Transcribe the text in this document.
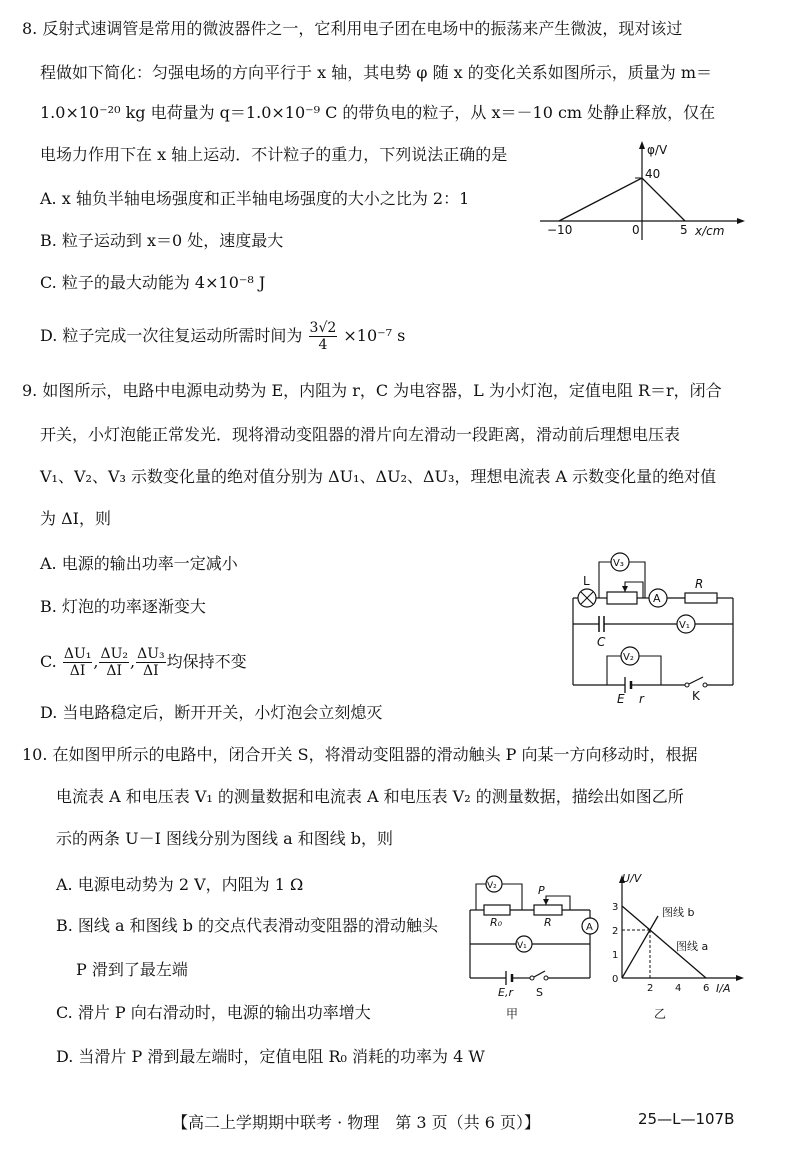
8. 反射式速调管是常用的微波器件之一，它利用电子团在电场中的振荡来产生微波，现对该过
程做如下简化：匀强电场的方向平行于 x 轴，其电势 φ 随 x 的变化关系如图所示，质量为 m＝
1.0×10⁻²⁰ kg 电荷量为 q＝1.0×10⁻⁹ C 的带负电的粒子，从 x＝－10 cm 处静止释放，仅在
电场力作用下在 x 轴上运动．不计粒子的重力，下列说法正确的是
A. x 轴负半轴电场强度和正半轴电场强度的大小之比为 2：1
B. 粒子运动到 x＝0 处，速度最大
C. 粒子的最大动能为 4×10⁻⁸ J
D. 粒子完成一次往复运动所需时间为 $\frac{3√2}{4} \times 10^{-7}$ s
φ/V
40
−10	0	5 x/cm
9. 如图所示，电路中电源电动势为 E，内阻为 r，C 为电容器，L 为小灯泡，定值电阻 R＝r，闭合
开关，小灯泡能正常发光．现将滑动变阻器的滑片向左滑动一段距离，滑动前后理想电压表
V₁、V₂、V₃ 示数变化量的绝对值分别为 ΔU₁、ΔU₂、ΔU₃，理想电流表 A 示数变化量的绝对值
为 ΔI，则
A. 电源的输出功率一定减小
B. 灯泡的功率逐渐变大
C. $\frac{\text{ΔU₁}}{\Delta I}$ , $\frac{\text{ΔU₂}}{\Delta I}$ , $\frac{\text{ΔU₃}}{\Delta I}$ 均保持不变
D. 当电路稳定后，断开开关，小灯泡会立刻熄灭
L
A
R
V₃
C
V₁
V₂
E r	K
10. 在如图甲所示的电路中，闭合开关 S，将滑动变阻器的滑动触头 P 向某一方向移动时，根据
电流表 A 和电压表 V₁ 的测量数据和电流表 A 和电压表 V₂ 的测量数据，描绘出如图乙所
示的两条 U－I 图线分别为图线 a 和图线 b，则
A. 电源电动势为 2 V，内阻为 1 Ω
B. 图线 a 和图线 b 的交点代表滑动变阻器的滑动触头
P 滑到了最左端
C. 滑片 P 向右滑动时，电源的输出功率增大
D. 当滑片 P 滑到最左端时，定值电阻 R₀ 消耗的功率为 4 W
R₀	R
P
A
V₂
V₁
E,r S
甲
U/V
I/A
3
2
1
0
2 4 6
图线 b
图线 a
乙
【高二上学期期中联考 · 物理　第 3 页（共 6 页）】	25—L—107B
